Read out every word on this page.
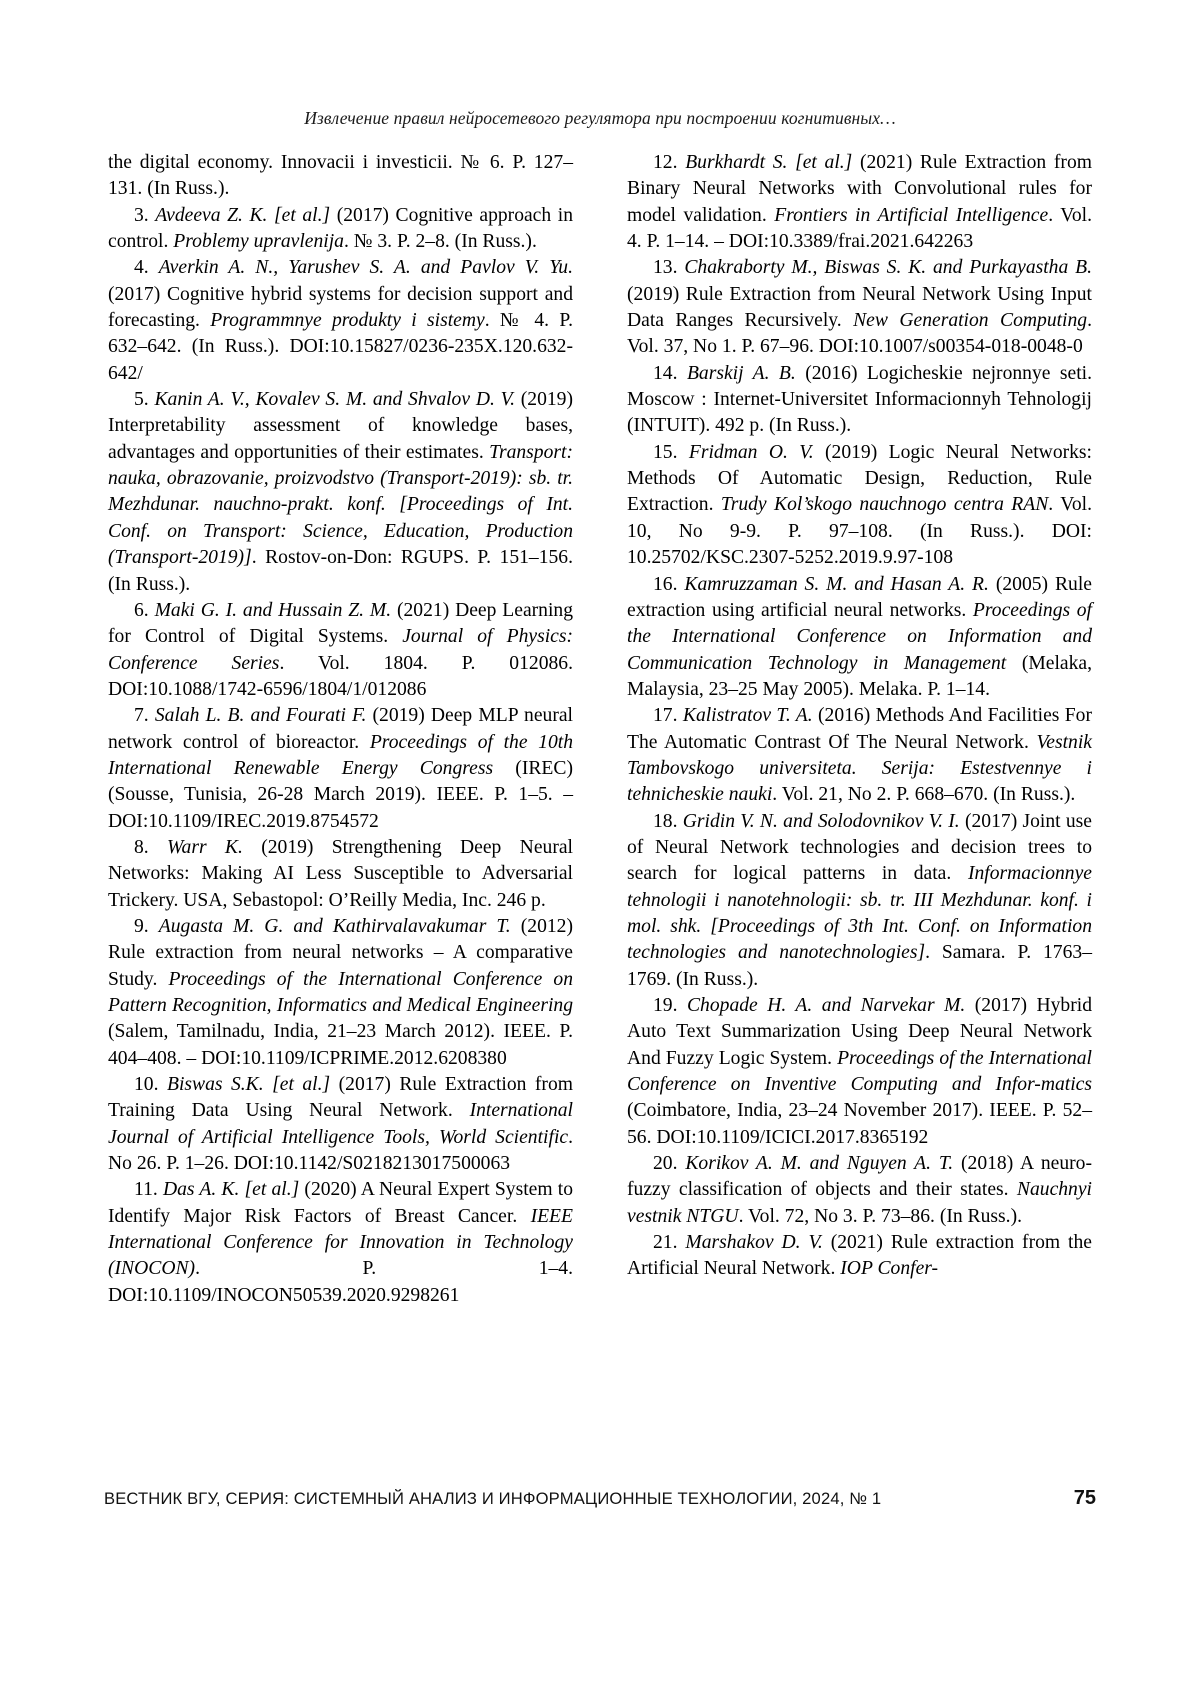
Извлечение правил нейросетевого регулятора при построении когнитивных…

the digital economy. Innovacii i investicii. № 6. P. 127–131. (In Russ.).

3. Avdeeva Z. K. [et al.] (2017) Cognitive approach in control. Problemy upravlenija. № 3. P. 2–8. (In Russ.).

4. Averkin A. N., Yarushev S. A. and Pavlov V. Yu. (2017) Cognitive hybrid systems for decision support and forecasting. Programmnye produkty i sistemy. № 4. P. 632–642. (In Russ.). DOI:10.15827/0236-235X.120.632-642/

5. Kanin A. V., Kovalev S. M. and Shvalov D. V. (2019) Interpretability assessment of knowledge bases, advantages and opportunities of their estimates. Transport: nauka, obrazovanie, proizvodstvo (Transport-2019): sb. tr. Mezhdunar. nauchno-prakt. konf. [Proceedings of Int. Conf. on Transport: Science, Education, Production (Transport-2019)]. Rostov-on-Don: RGUPS. P. 151–156. (In Russ.).

6. Maki G. I. and Hussain Z. M. (2021) Deep Learning for Control of Digital Systems. Journal of Physics: Conference Series. Vol. 1804. P. 012086. DOI:10.1088/1742-6596/1804/1/012086

7. Salah L. B. and Fourati F. (2019) Deep MLP neural network control of bioreactor. Proceedings of the 10th International Renewable Energy Congress (IREC) (Sousse, Tunisia, 26-28 March 2019). IEEE. P. 1–5. – DOI:10.1109/IREC.2019.8754572

8. Warr K. (2019) Strengthening Deep Neural Networks: Making AI Less Susceptible to Adversarial Trickery. USA, Sebastopol: O’Reilly Media, Inc. 246 p.

9. Augasta M. G. and Kathirvalavakumar T. (2012) Rule extraction from neural networks – A comparative Study. Proceedings of the International Conference on Pattern Recognition, Informatics and Medical Engineering (Salem, Tamilnadu, India, 21–23 March 2012). IEEE. P. 404–408. – DOI:10.1109/ICPRIME.2012.6208380

10. Biswas S.K. [et al.] (2017) Rule Extraction from Training Data Using Neural Network. International Journal of Artificial Intelligence Tools, World Scientific. No 26. P. 1–26. DOI:10.1142/S0218213017500063

11. Das A. K. [et al.] (2020) A Neural Expert System to Identify Major Risk Factors of Breast Cancer. IEEE International Conference for Innovation in Technology (INOCON). P. 1–4. DOI:10.1109/INOCON50539.2020.9298261

12. Burkhardt S. [et al.] (2021) Rule Extraction from Binary Neural Networks with Convolutional rules for model validation. Frontiers in Artificial Intelligence. Vol. 4. P. 1–14. – DOI:10.3389/frai.2021.642263

13. Chakraborty M., Biswas S. K. and Purkayastha B. (2019) Rule Extraction from Neural Network Using Input Data Ranges Recursively. New Generation Computing. Vol. 37, No 1. P. 67–96. DOI:10.1007/s00354-018-0048-0

14. Barskij A. B. (2016) Logicheskie nejronnye seti. Moscow : Internet-Universitet Informacionnyh Tehnologij (INTUIT). 492 p. (In Russ.).

15. Fridman O. V. (2019) Logic Neural Networks: Methods Of Automatic Design, Reduction, Rule Extraction. Trudy Kol’skogo nauchnogo centra RAN. Vol. 10, No 9-9. P. 97–108. (In Russ.). DOI: 10.25702/KSC.2307-5252.2019.9.97-108

16. Kamruzzaman S. M. and Hasan A. R. (2005) Rule extraction using artificial neural networks. Proceedings of the International Conference on Information and Communication Technology in Management (Melaka, Malaysia, 23–25 May 2005). Melaka. P. 1–14.

17. Kalistratov T. A. (2016) Methods And Facilities For The Automatic Contrast Of The Neural Network. Vestnik Tambovskogo universiteta. Serija: Estestvennye i tehnicheskie nauki. Vol. 21, No 2. P. 668–670. (In Russ.).

18. Gridin V. N. and Solodovnikov V. I. (2017) Joint use of Neural Network technologies and decision trees to search for logical patterns in data. Informacionnye tehnologii i nanotehnologii: sb. tr. III Mezhdunar. konf. i mol. shk. [Proceedings of 3th Int. Conf. on Information technologies and nanotechnologies]. Samara. P. 1763–1769. (In Russ.).

19. Chopade H. A. and Narvekar M. (2017) Hybrid Auto Text Summarization Using Deep Neural Network And Fuzzy Logic System. Proceedings of the International Conference on Inventive Computing and Infor-matics (Coimbatore, India, 23–24 November 2017). IEEE. P. 52–56. DOI:10.1109/ICICI.2017.8365192

20. Korikov A. M. and Nguyen A. T. (2018) A neuro-fuzzy classification of objects and their states. Nauchnyi vestnik NTGU. Vol. 72, No 3. P. 73–86. (In Russ.).

21. Marshakov D. V. (2021) Rule extraction from the Artificial Neural Network. IOP Confer-

ВЕСТНИК ВГУ, СЕРИЯ: СИСТЕМНЫЙ АНАЛИЗ И ИНФОРМАЦИОННЫЕ ТЕХНОЛОГИИ, 2024, № 1	75
